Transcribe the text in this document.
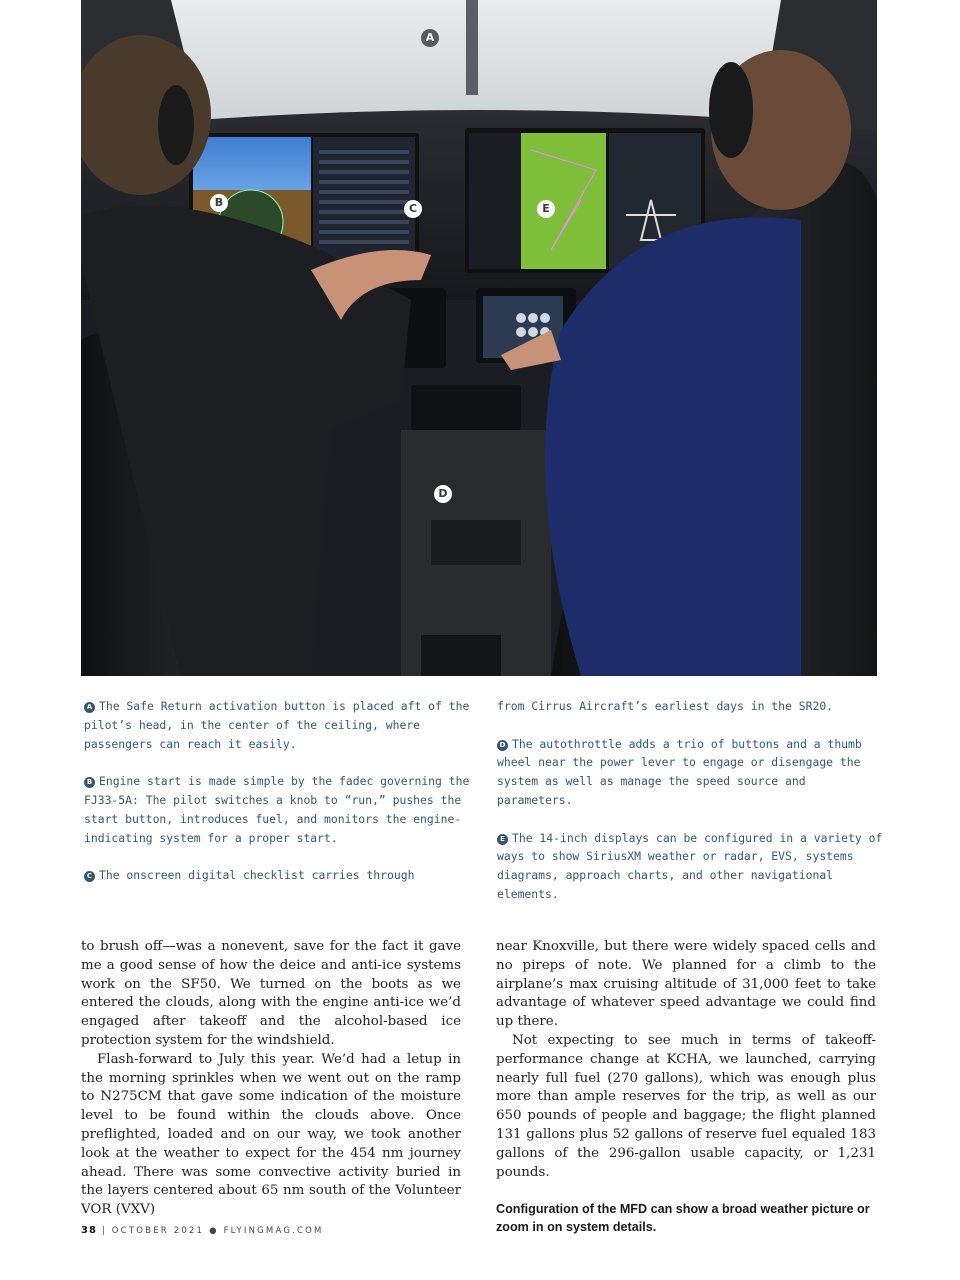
A
B	C
D
E

A The Safe Return activation button is placed aft of the pilot’s head, in the center of the ceiling, where passengers can reach it easily.

B Engine start is made simple by the fadec governing the FJ33-5A: The pilot switches a knob to “run,” pushes the start button, introduces fuel, and monitors the engine-indicating system for a proper start.

C The onscreen digital checklist carries through

from Cirrus Aircraft’s earliest days in the SR20.

D The autothrottle adds a trio of buttons and a thumb wheel near the power lever to engage or disengage the system as well as manage the speed source and parameters.

E The 14-inch displays can be configured in a variety of ways to show SiriusXM weather or radar, EVS, systems diagrams, approach charts, and other navigational elements.

to brush off—was a nonevent, save for the fact it gave me a good sense of how the deice and anti-ice systems work on the SF50. We turned on the boots as we entered the clouds, along with the engine anti-ice we’d engaged after takeoff and the alcohol-based ice protection system for the windshield.

Flash-forward to July this year. We’d had a letup in the morning sprinkles when we went out on the ramp to N275CM that gave some indication of the moisture level to be found within the clouds above. Once preflighted, loaded and on our way, we took another look at the weather to expect for the 454 nm journey ahead. There was some convective activity buried in the layers centered about 65 nm south of the Volunteer VOR (VXV)

near Knoxville, but there were widely spaced cells and no pireps of note. We planned for a climb to the airplane’s max cruising altitude of 31,000 feet to take advantage of whatever speed advantage we could find up there.

Not expecting to see much in terms of takeoff-performance change at KCHA, we launched, carrying nearly full fuel (270 gallons), which was enough plus more than ample reserves for the trip, as well as our 650 pounds of people and baggage; the flight planned 131 gallons plus 52 gallons of reserve fuel equaled 183 gallons of the 296-gallon usable capacity, or 1,231 pounds.

Configuration of the MFD can show a broad weather picture or zoom in on system details.

38 | OCTOBER 2021 ● FLYINGMAG.COM
